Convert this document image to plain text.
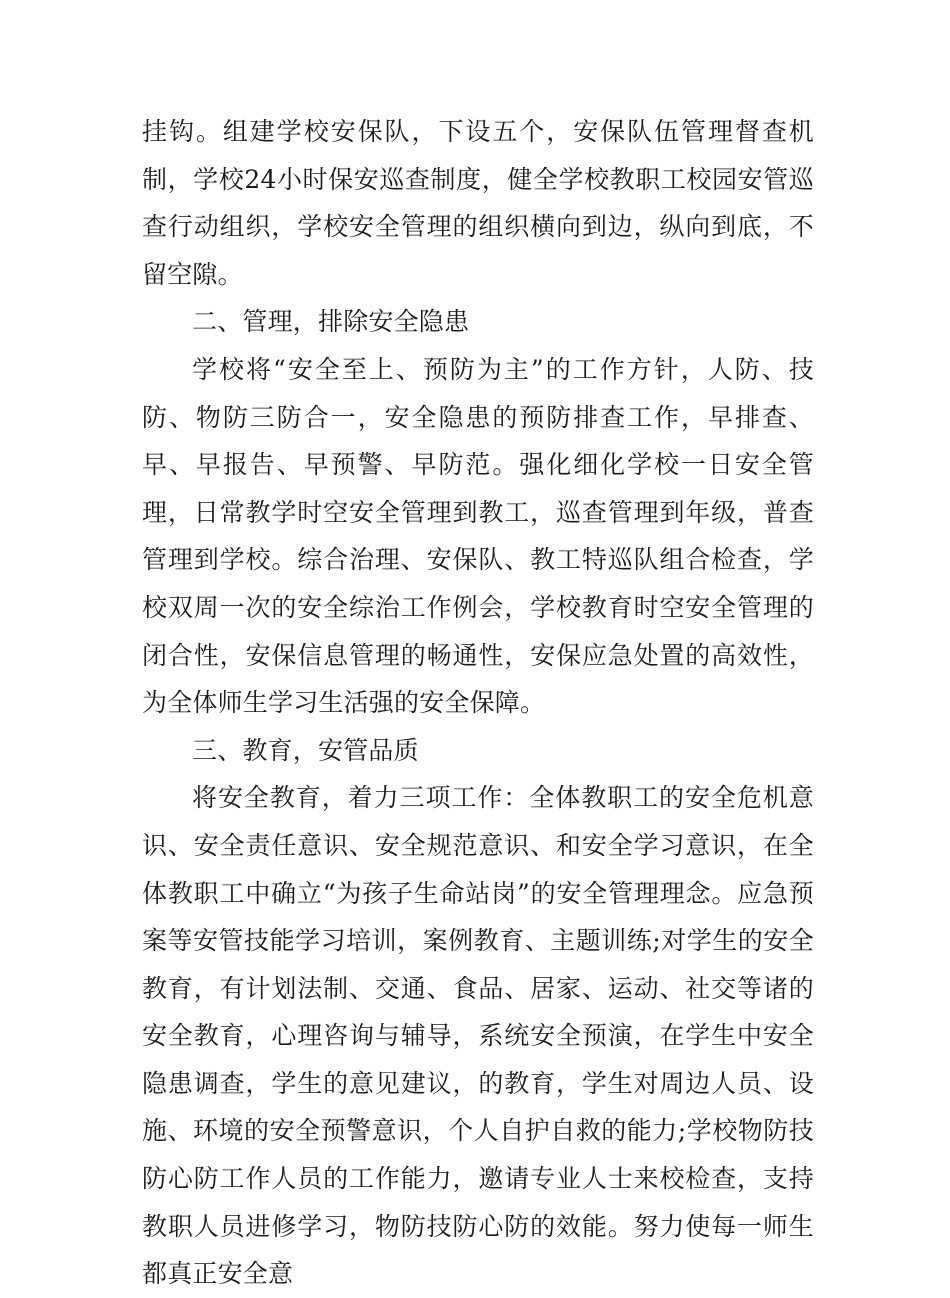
挂钩。组建学校安保队，下设五个，安保队伍管理督查机制，学校24小时保安巡查制度，健全学校教职工校园安管巡查行动组织，学校安全管理的组织横向到边，纵向到底，不留空隙。

二、管理，排除安全隐患

学校将“安全至上、预防为主”的工作方针，人防、技防、物防三防合一，安全隐患的预防排查工作，早排查、早、早报告、早预警、早防范。强化细化学校一日安全管理，日常教学时空安全管理到教工，巡查管理到年级，普查管理到学校。综合治理、安保队、教工特巡队组合检查，学校双周一次的安全综治工作例会，学校教育时空安全管理的闭合性，安保信息管理的畅通性，安保应急处置的高效性，为全体师生学习生活强的安全保障。

三、教育，安管品质

将安全教育，着力三项工作：全体教职工的安全危机意识、安全责任意识、安全规范意识、和安全学习意识，在全体教职工中确立“为孩子生命站岗”的安全管理理念。应急预案等安管技能学习培训，案例教育、主题训练;对学生的安全教育，有计划法制、交通、食品、居家、运动、社交等诸的安全教育，心理咨询与辅导，系统安全预演，在学生中安全隐患调查，学生的意见建议，的教育，学生对周边人员、设施、环境的安全预警意识，个人自护自救的能力;学校物防技防心防工作人员的工作能力，邀请专业人士来校检查，支持教职人员进修学习，物防技防心防的效能。努力使每一师生都真正安全意
